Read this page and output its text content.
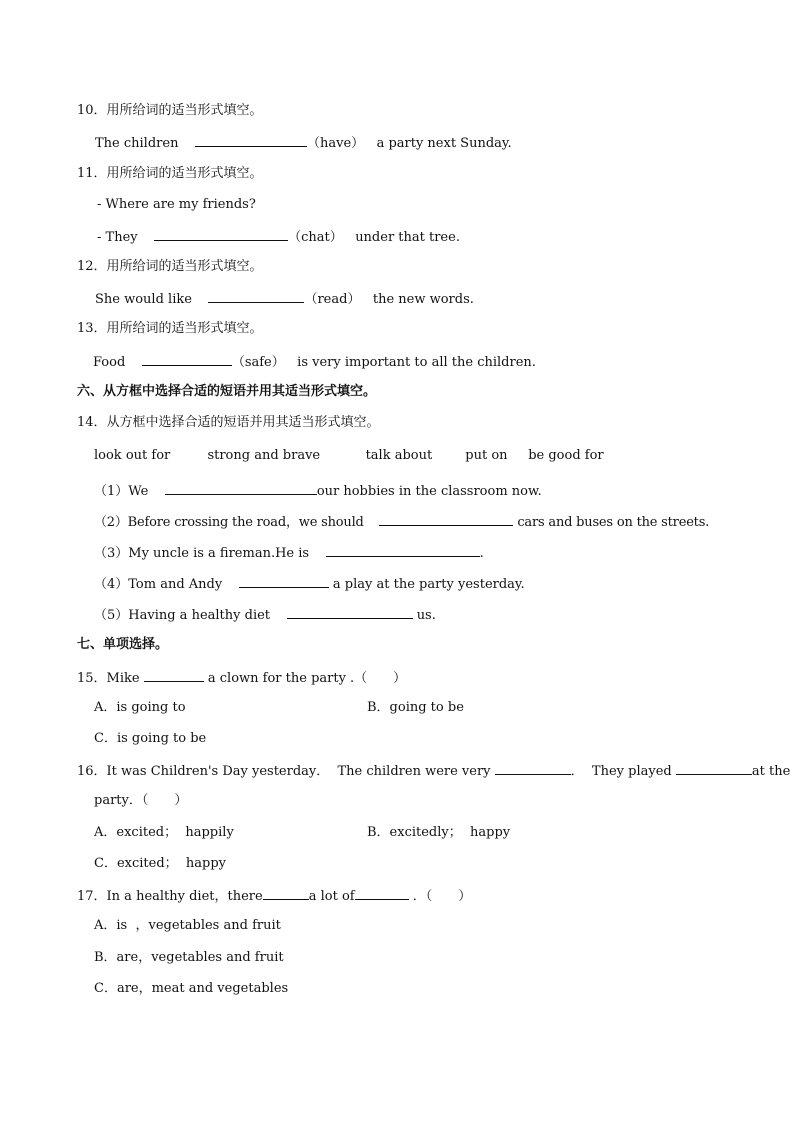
10．用所给词的适当形式填空。
The children	（have） a party next Sunday.
11．用所给词的适当形式填空。
- Where are my friends?
- They	（chat） under that tree.
12．用所给词的适当形式填空。
She would like	（read） the new words.
13．用所给词的适当形式填空。
Food	（safe） is very important to all the children.
六、从方框中选择合适的短语并用其适当形式填空。
14．从方框中选择合适的短语并用其适当形式填空。
look out for	strong and brave	talk about	put on be good for
（1）We	our hobbies in the classroom now.
（2）Before crossing the road，we should	cars and buses on the streets.
（3）My uncle is a fireman.He is	.
（4）Tom and Andy	a play at the party yesterday.
（5）Having a healthy diet	us.
七、单项选择。
15．Mike	a clown for the party .（　　）
A．is going to	B．going to be
C．is going to be
16．It was Children's Day yesterday．  The children were very	．  They played	at the
party．（　　）
A．excited；  happily	B．excitedly；  happy
C．excited；  happy
17．In a healthy diet，there	a lot of	．（　　）
A．is  ，vegetables and fruit
B．are，vegetables and fruit
C．are，meat and vegetables
